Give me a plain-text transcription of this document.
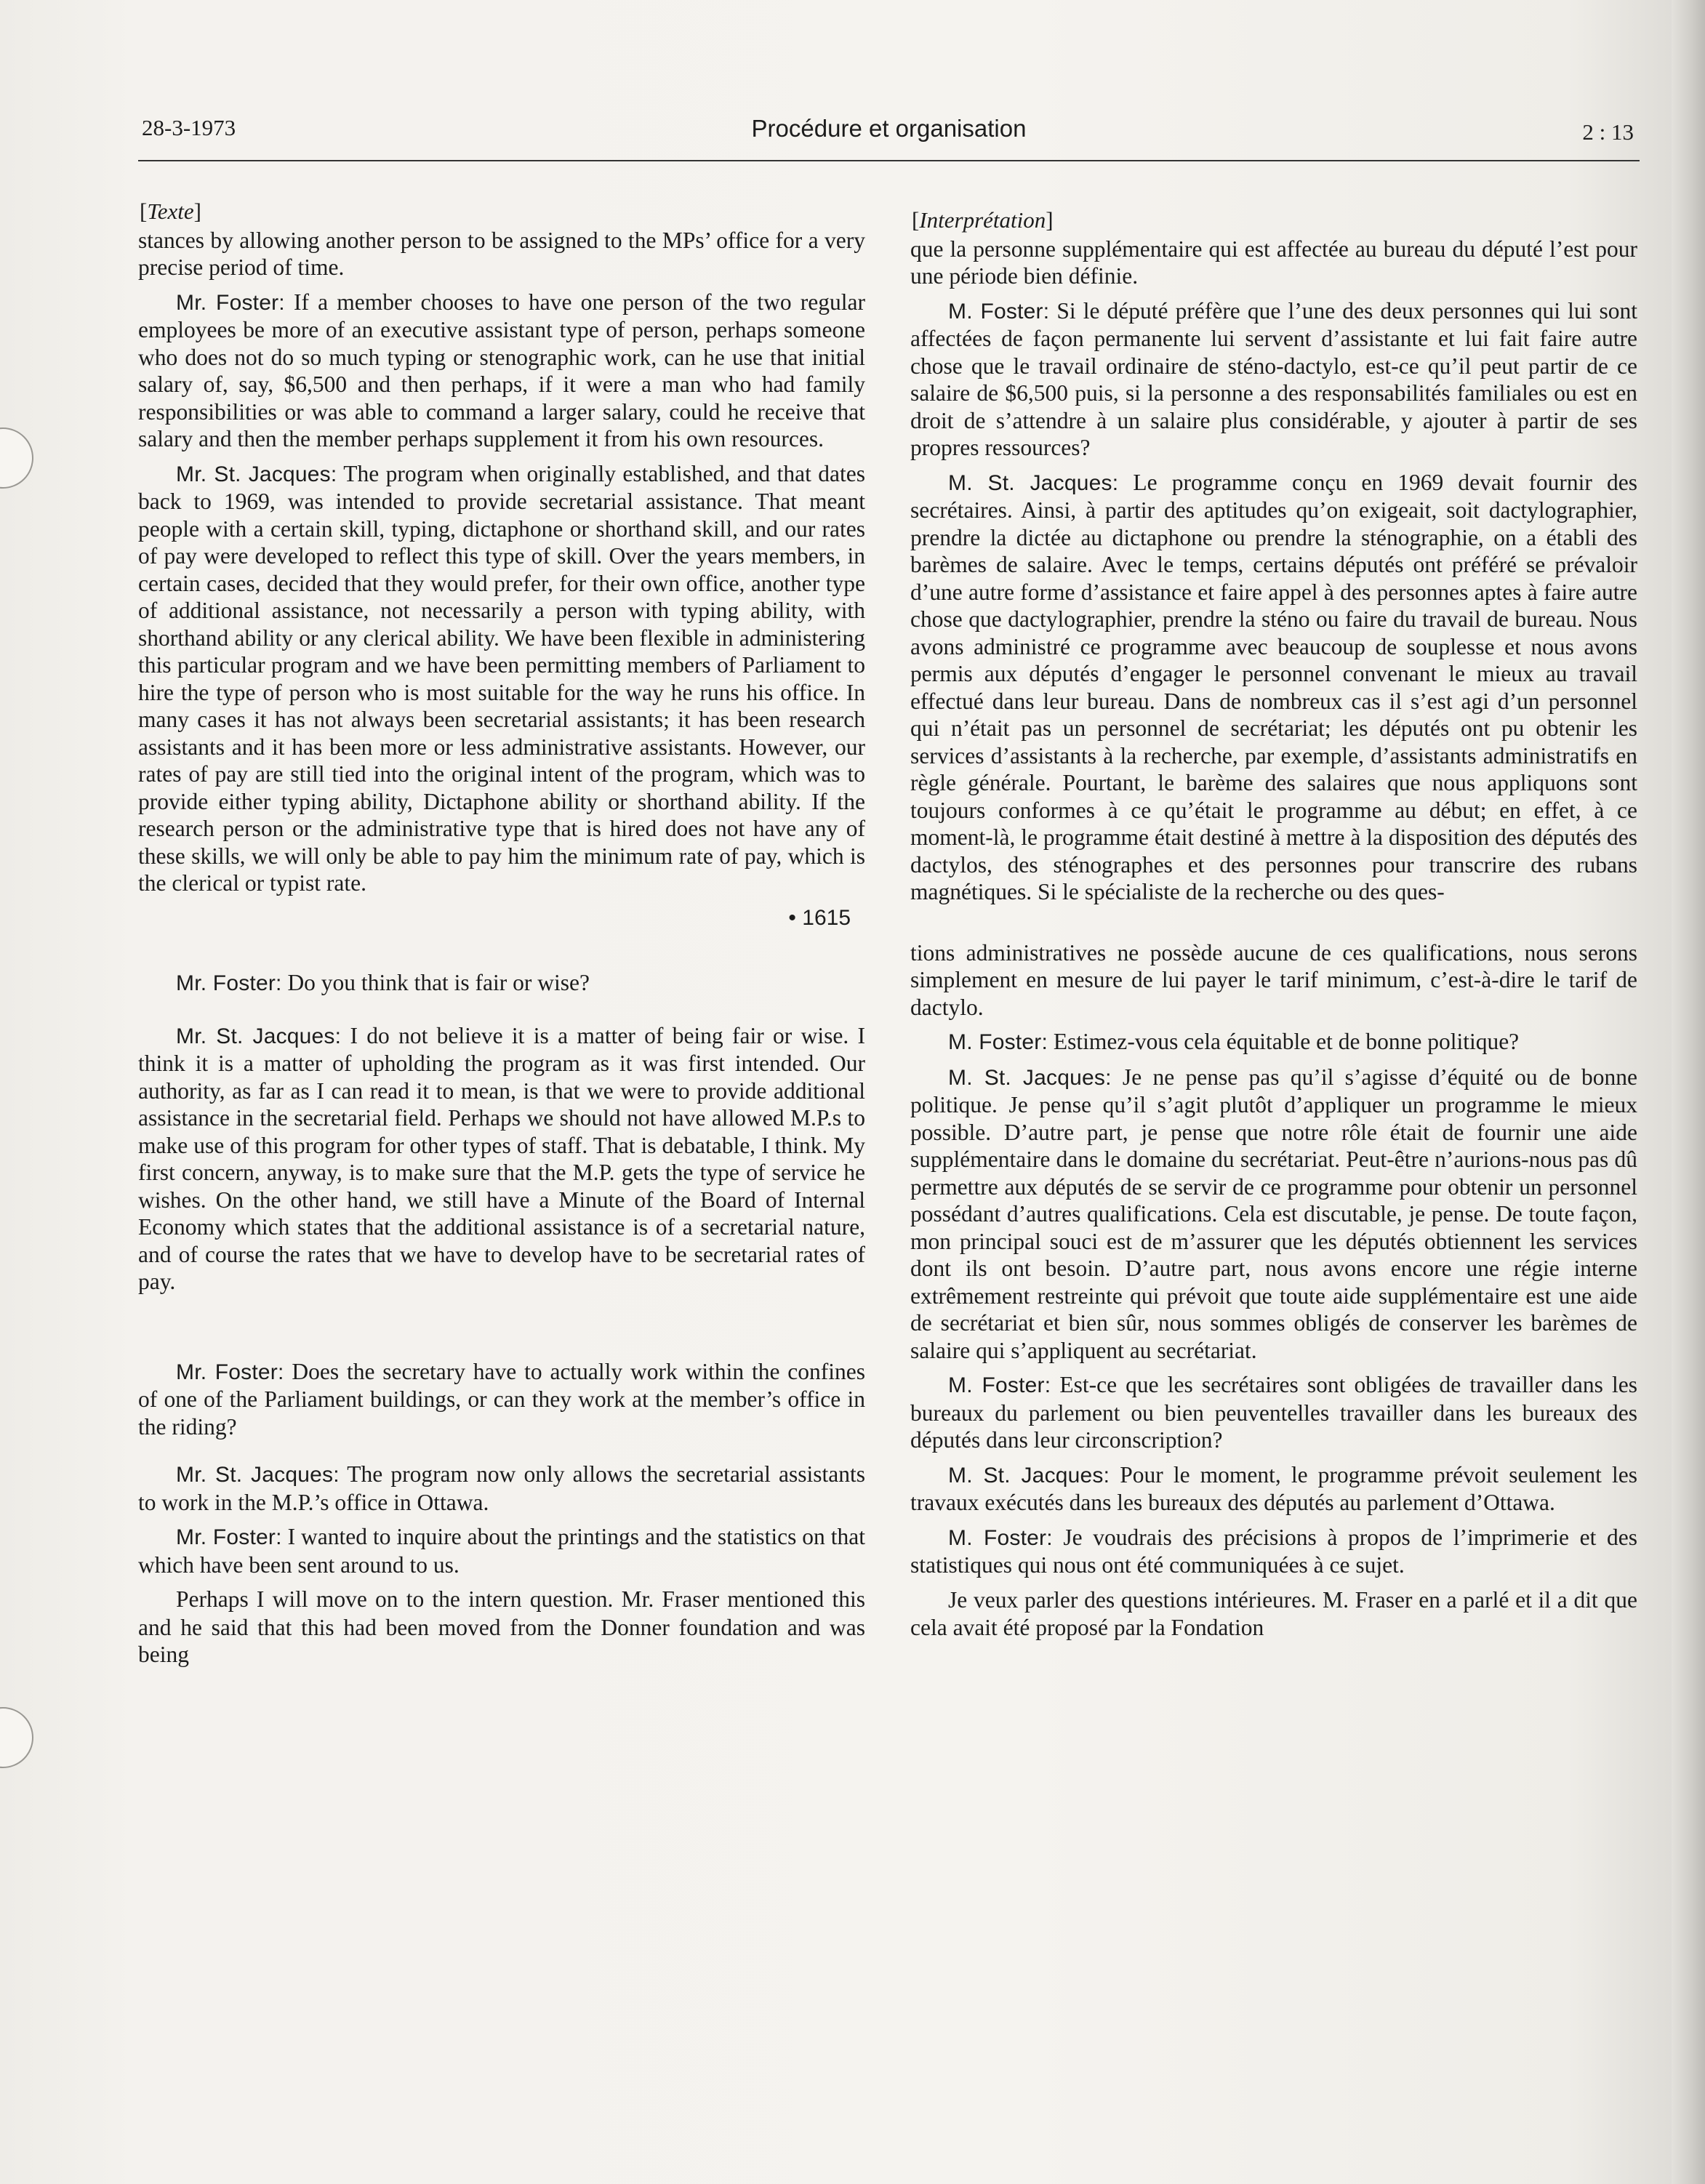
28-3-1973	Procédure et organisation	2 : 13
[Texte]

stances by allowing another person to be assigned to the MPs’ office for a very precise period of time.

Mr. Foster: If a member chooses to have one person of the two regular employees be more of an executive assistant type of person, perhaps someone who does not do so much typing or stenographic work, can he use that initial salary of, say, $6,500 and then perhaps, if it were a man who had family responsibilities or was able to command a larger salary, could he receive that salary and then the member perhaps supplement it from his own resources.

Mr. St. Jacques: The program when originally established, and that dates back to 1969, was intended to provide secretarial assistance. That meant people with a certain skill, typing, dictaphone or shorthand skill, and our rates of pay were developed to reflect this type of skill. Over the years members, in certain cases, decided that they would prefer, for their own office, another type of additional assistance, not necessarily a person with typing ability, with shorthand ability or any clerical ability. We have been flexible in administering this particular program and we have been permitting members of Parliament to hire the type of person who is most suitable for the way he runs his office. In many cases it has not always been secretarial assistants; it has been research assistants and it has been more or less administrative assistants. However, our rates of pay are still tied into the original intent of the program, which was to provide either typing ability, Dictaphone ability or shorthand ability. If the research person or the administrative type that is hired does not have any of these skills, we will only be able to pay him the minimum rate of pay, which is the clerical or typist rate.

• 1615

Mr. Foster: Do you think that is fair or wise?

Mr. St. Jacques: I do not believe it is a matter of being fair or wise. I think it is a matter of upholding the program as it was first intended. Our authority, as far as I can read it to mean, is that we were to provide additional assistance in the secretarial field. Perhaps we should not have allowed M.P.s to make use of this program for other types of staff. That is debatable, I think. My first concern, anyway, is to make sure that the M.P. gets the type of service he wishes. On the other hand, we still have a Minute of the Board of Internal Economy which states that the additional assistance is of a secretarial nature, and of course the rates that we have to develop have to be secretarial rates of pay.

Mr. Foster: Does the secretary have to actually work within the confines of one of the Parliament buildings, or can they work at the member’s office in the riding?

Mr. St. Jacques: The program now only allows the secretarial assistants to work in the M.P.’s office in Ottawa.

Mr. Foster: I wanted to inquire about the printings and the statistics on that which have been sent around to us.

Perhaps I will move on to the intern question. Mr. Fraser mentioned this and he said that this had been moved from the Donner foundation and was being

[Interprétation]

que la personne supplémentaire qui est affectée au bureau du député l’est pour une période bien définie.

M. Foster: Si le député préfère que l’une des deux personnes qui lui sont affectées de façon permanente lui servent d’assistante et lui fait faire autre chose que le travail ordinaire de sténo-dactylo, est-ce qu’il peut partir de ce salaire de $6,500 puis, si la personne a des responsabilités familiales ou est en droit de s’attendre à un salaire plus considérable, y ajouter à partir de ses propres ressources?

M. St. Jacques: Le programme conçu en 1969 devait fournir des secrétaires. Ainsi, à partir des aptitudes qu’on exigeait, soit dactylographier, prendre la dictée au dictaphone ou prendre la sténographie, on a établi des barèmes de salaire. Avec le temps, certains députés ont préféré se prévaloir d’une autre forme d’assistance et faire appel à des personnes aptes à faire autre chose que dactylographier, prendre la sténo ou faire du travail de bureau. Nous avons administré ce programme avec beaucoup de souplesse et nous avons permis aux députés d’engager le personnel convenant le mieux au travail effectué dans leur bureau. Dans de nombreux cas il s’est agi d’un personnel qui n’était pas un personnel de secrétariat; les députés ont pu obtenir les services d’assistants à la recherche, par exemple, d’assistants administratifs en règle générale. Pourtant, le barème des salaires que nous appliquons sont toujours conformes à ce qu’était le programme au début; en effet, à ce moment-là, le programme était destiné à mettre à la disposition des députés des dactylos, des sténographes et des personnes pour transcrire des rubans magnétiques. Si le spécialiste de la recherche ou des ques-

tions administratives ne possède aucune de ces qualifications, nous serons simplement en mesure de lui payer le tarif minimum, c’est-à-dire le tarif de dactylo.

M. Foster: Estimez-vous cela équitable et de bonne politique?

M. St. Jacques: Je ne pense pas qu’il s’agisse d’équité ou de bonne politique. Je pense qu’il s’agit plutôt d’appliquer un programme le mieux possible. D’autre part, je pense que notre rôle était de fournir une aide supplémentaire dans le domaine du secrétariat. Peut-être n’aurions-nous pas dû permettre aux députés de se servir de ce programme pour obtenir un personnel possédant d’autres qualifications. Cela est discutable, je pense. De toute façon, mon principal souci est de m’assurer que les députés obtiennent les services dont ils ont besoin. D’autre part, nous avons encore une régie interne extrêmement restreinte qui prévoit que toute aide supplémentaire est une aide de secrétariat et bien sûr, nous sommes obligés de conserver les barèmes de salaire qui s’appliquent au secrétariat.

M. Foster: Est-ce que les secrétaires sont obligées de travailler dans les bureaux du parlement ou bien peuventelles travailler dans les bureaux des députés dans leur circonscription?

M. St. Jacques: Pour le moment, le programme prévoit seulement les travaux exécutés dans les bureaux des députés au parlement d’Ottawa.

M. Foster: Je voudrais des précisions à propos de l’imprimerie et des statistiques qui nous ont été communiquées à ce sujet.

Je veux parler des questions intérieures. M. Fraser en a parlé et il a dit que cela avait été proposé par la Fondation
